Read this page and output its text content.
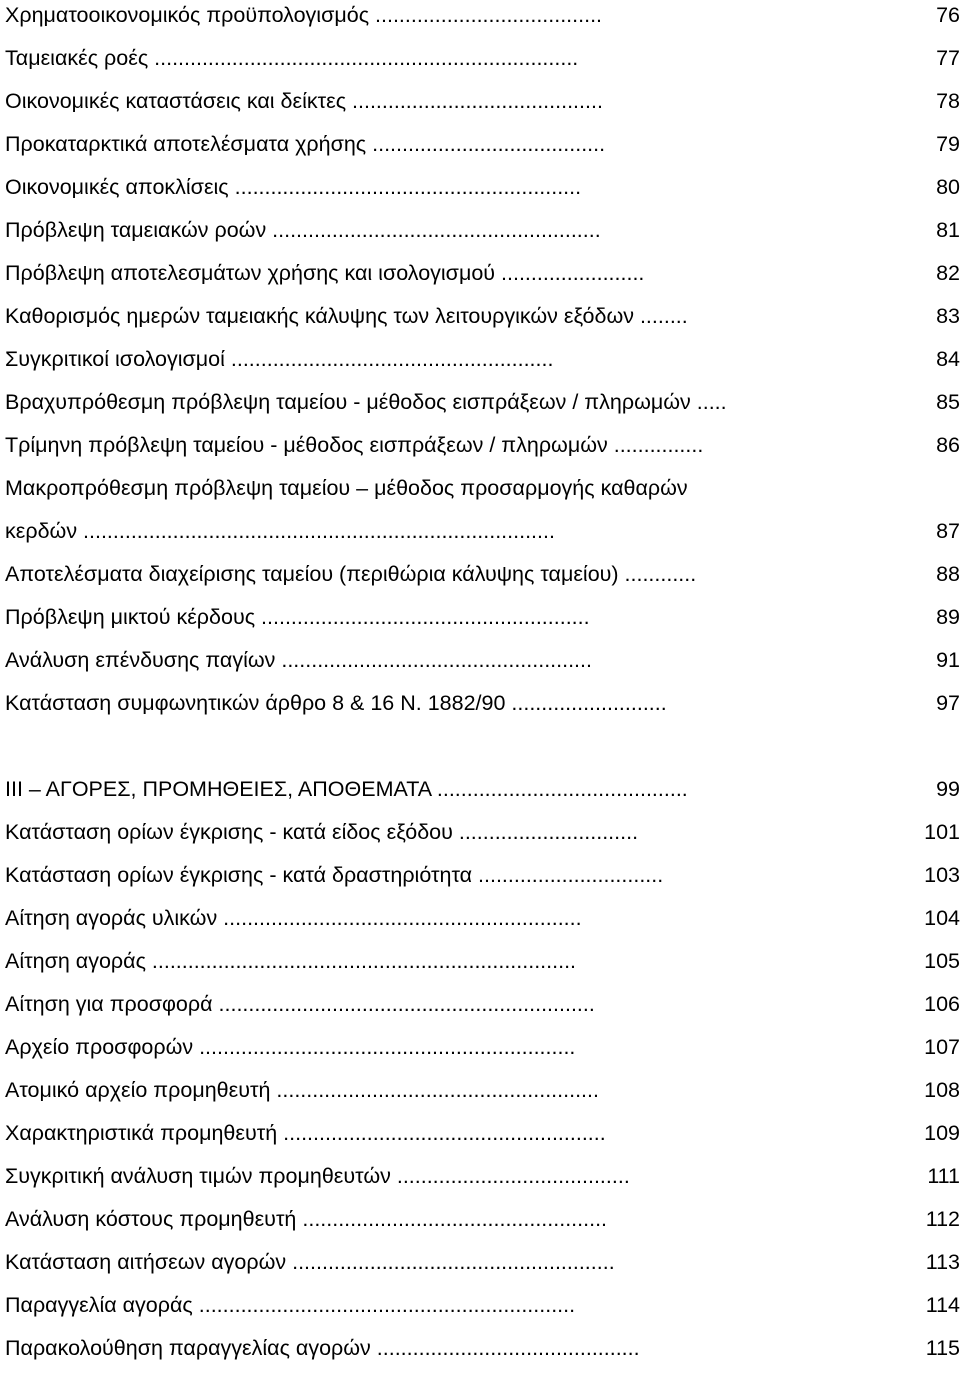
Χρηματοοικονομικός προϋπολογισμός ......................................	76
Ταμειακές ροές .......................................................................	77
Οικονομικές καταστάσεις και δείκτες ..........................................	78
Προκαταρκτικά αποτελέσματα χρήσης .......................................	79
Οικονομικές αποκλίσεις ..........................................................	80
Πρόβλεψη ταμειακών ροών .......................................................	81
Πρόβλεψη αποτελεσμάτων χρήσης και ισολογισμού ........................	82
Καθορισμός ημερών ταμειακής κάλυψης των λειτουργικών εξόδων ........	83
Συγκριτικοί ισολογισμοί ......................................................	84
Βραχυπρόθεσμη πρόβλεψη ταμείου - μέθοδος εισπράξεων / πληρωμών .....	85
Τρίμηνη πρόβλεψη ταμείου - μέθοδος εισπράξεων / πληρωμών ...............	86
Μακροπρόθεσμη πρόβλεψη ταμείου – μέθοδος προσαρμογής καθαρών
κερδών ...............................................................................	87
Αποτελέσματα διαχείρισης ταμείου (περιθώρια κάλυψης ταμείου) ............	88
Πρόβλεψη μικτού κέρδους .......................................................	89
Ανάλυση επένδυσης παγίων ....................................................	91
Κατάσταση συμφωνητικών άρθρο 8 & 16 Ν. 1882/90 ..........................	97
ΙΙΙ – ΑΓΟΡΕΣ, ΠΡΟΜΗΘΕΙΕΣ, ΑΠΟΘΕΜΑΤΑ ..........................................	99
Κατάσταση ορίων έγκρισης - κατά είδος εξόδου ..............................	101
Κατάσταση ορίων έγκρισης - κατά δραστηριότητα ...............................	103
Αίτηση αγοράς υλικών ............................................................	104
Αίτηση αγοράς .......................................................................	105
Αίτηση για προσφορά ...............................................................	106
Αρχείο προσφορών ...............................................................	107
Ατομικό αρχείο προμηθευτή ......................................................	108
Χαρακτηριστικά προμηθευτή ......................................................	109
Συγκριτική ανάλυση τιμών προμηθευτών .......................................	111
Ανάλυση κόστους προμηθευτή ...................................................	112
Κατάσταση αιτήσεων αγορών ......................................................	113
Παραγγελία αγοράς ...............................................................	114
Παρακολούθηση παραγγελίας αγορών ............................................	115
